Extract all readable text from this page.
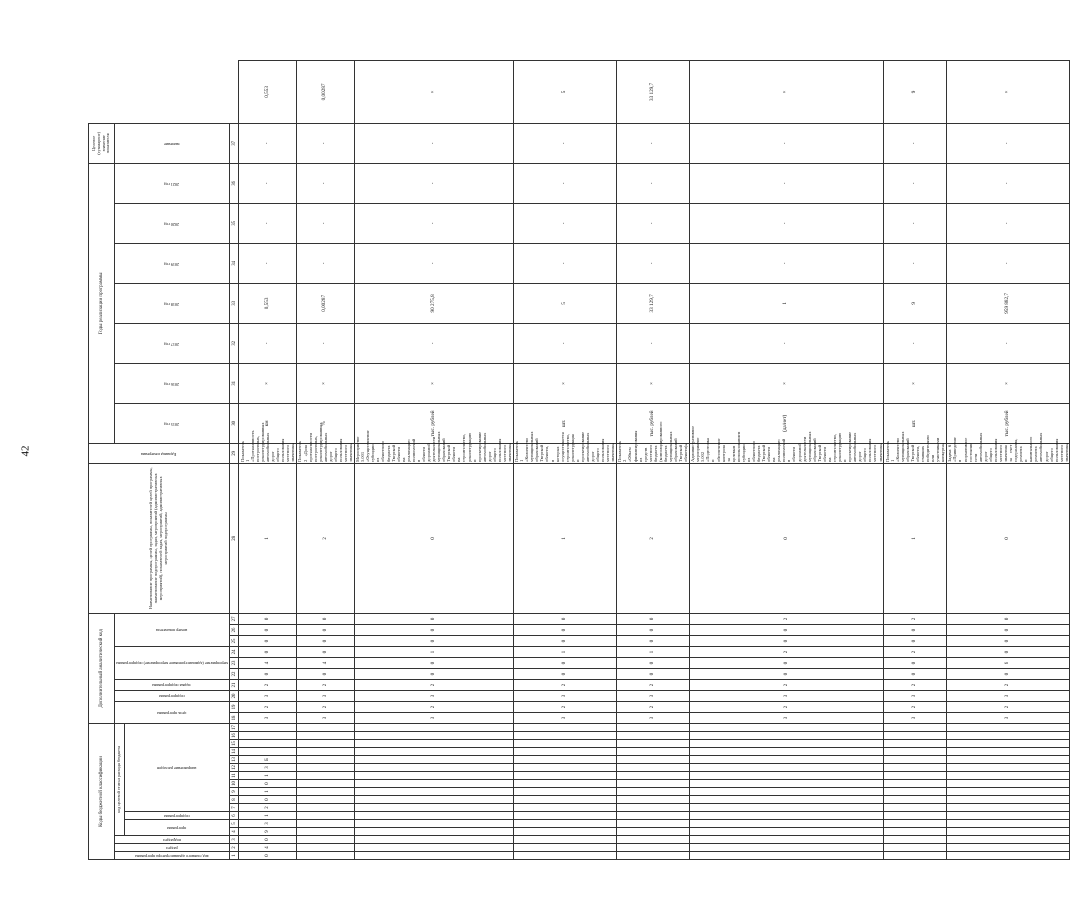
42
Коды бюджетной классификации																	Дополнительный аналитический код										Наименование программы, целей программы, показателей целей программы, наименование подпрограммы, задач, мероприятий (административных мероприятий), показателей задач, мероприятий, административных мероприятий подпрограммы	Единица измерения	Годы реализации программы							Целевое (суммарное) значение показателя	
код главного администратора программы	раздел	подраздел	код целевой статьи расхода бюджета														цель программы		подпрограмма	задача подпрограммы	мероприятие (административное мероприятие) подпрограммы			номер показателя					2015 год	2016 год	2017 год	2018 год	2019 год	2020 год	2021 год	значение	
			программа		подпрограмма	направление расходов																															

1	2	3	4	5	6	7	8	9	10	11	12	13	14	15	16	17	18	19	20	21	22	23	24	25	26	27	28	29	30	31	32	33	34	35	36	37	
0	4	0	9	3	1	2	0	1	0	1	3	Б					3	2	3	2	0	4	0	0	0	0	1	Показатель 1 «Протяженность построенных, реконструированных автомобильных дорог общего пользования местного значения»	км	×	-	0,553	-	-	-	-	0,553
																	3	2	3	2	0	4	0	0	0	0	2	Показатель 2 «Доля протяженности построенных, реконструированных автомобильных дорог общего пользования местного значения»	%	×	-	0,00287	-	-	-	-	0,00287
																	3	2	3	2	0	0	1	0	0	0	0	Мероприятие 5.001 «Осуществление субсидии из областного бюджета Тверской области на реализацию полномочий в области дорожной деятельности муниципальных образований Тверской области на строительство, реконструкцию и проектирование автомобильных дорог общего пользования местного значения»	тыс. рублей	×	-	90 275,8	-	-	-	-	×
																	3	2	3	2	0	0	1	0	0	0	1	Показатель 1 «Количество муниципальных образований Тверской области, в которых осуществляется строительство, реконструкция и проектирование автомобильных дорог общего пользования местного значения»	шт.	×	-	5	-	-	-	-	5
																	3	2	3	2	0	0	1	0	0	0	2	Показатель 2 «Объем финансирования из средств местного бюджета (консолидированного бюджета муниципальных образований Тверской области)»	тыс. рублей	×	-	33 129,7	-	-	-	-	33 129,7
																	3	2	3	2	0	0	2	0	0	2	0	Административное мероприятие 5.002 «Подготовка и обеспечение контроля за целевым использованием субсидии из областного бюджета Тверской области на реализацию полномочий в области дорожной деятельности муниципальных образований Тверской области на строительство, реконструкцию и проектирование автомобильных дорог общего пользования местного значения»	(да/нет)	×	-	1	-	-	-	-	×
																	3	2	3	2	0	0	2	0	0	2	1	Показатель 1 «Количество муниципальных образований Тверской области, ставших победителями или участниками конкурса»	шт.	×	-	9	-	-	-	-	9
																	3	2	3	2	0	6	0	0	0	0	0	Задача 6 «Приведение в нормативное состояние сети автомобильных дорог общего пользования местного значения за счет содержания, ремонта и капитального ремонта автомобильных дорог общего пользования местного значения»	тыс. рублей	×	-	959 882,7	-	-	-	-	×
